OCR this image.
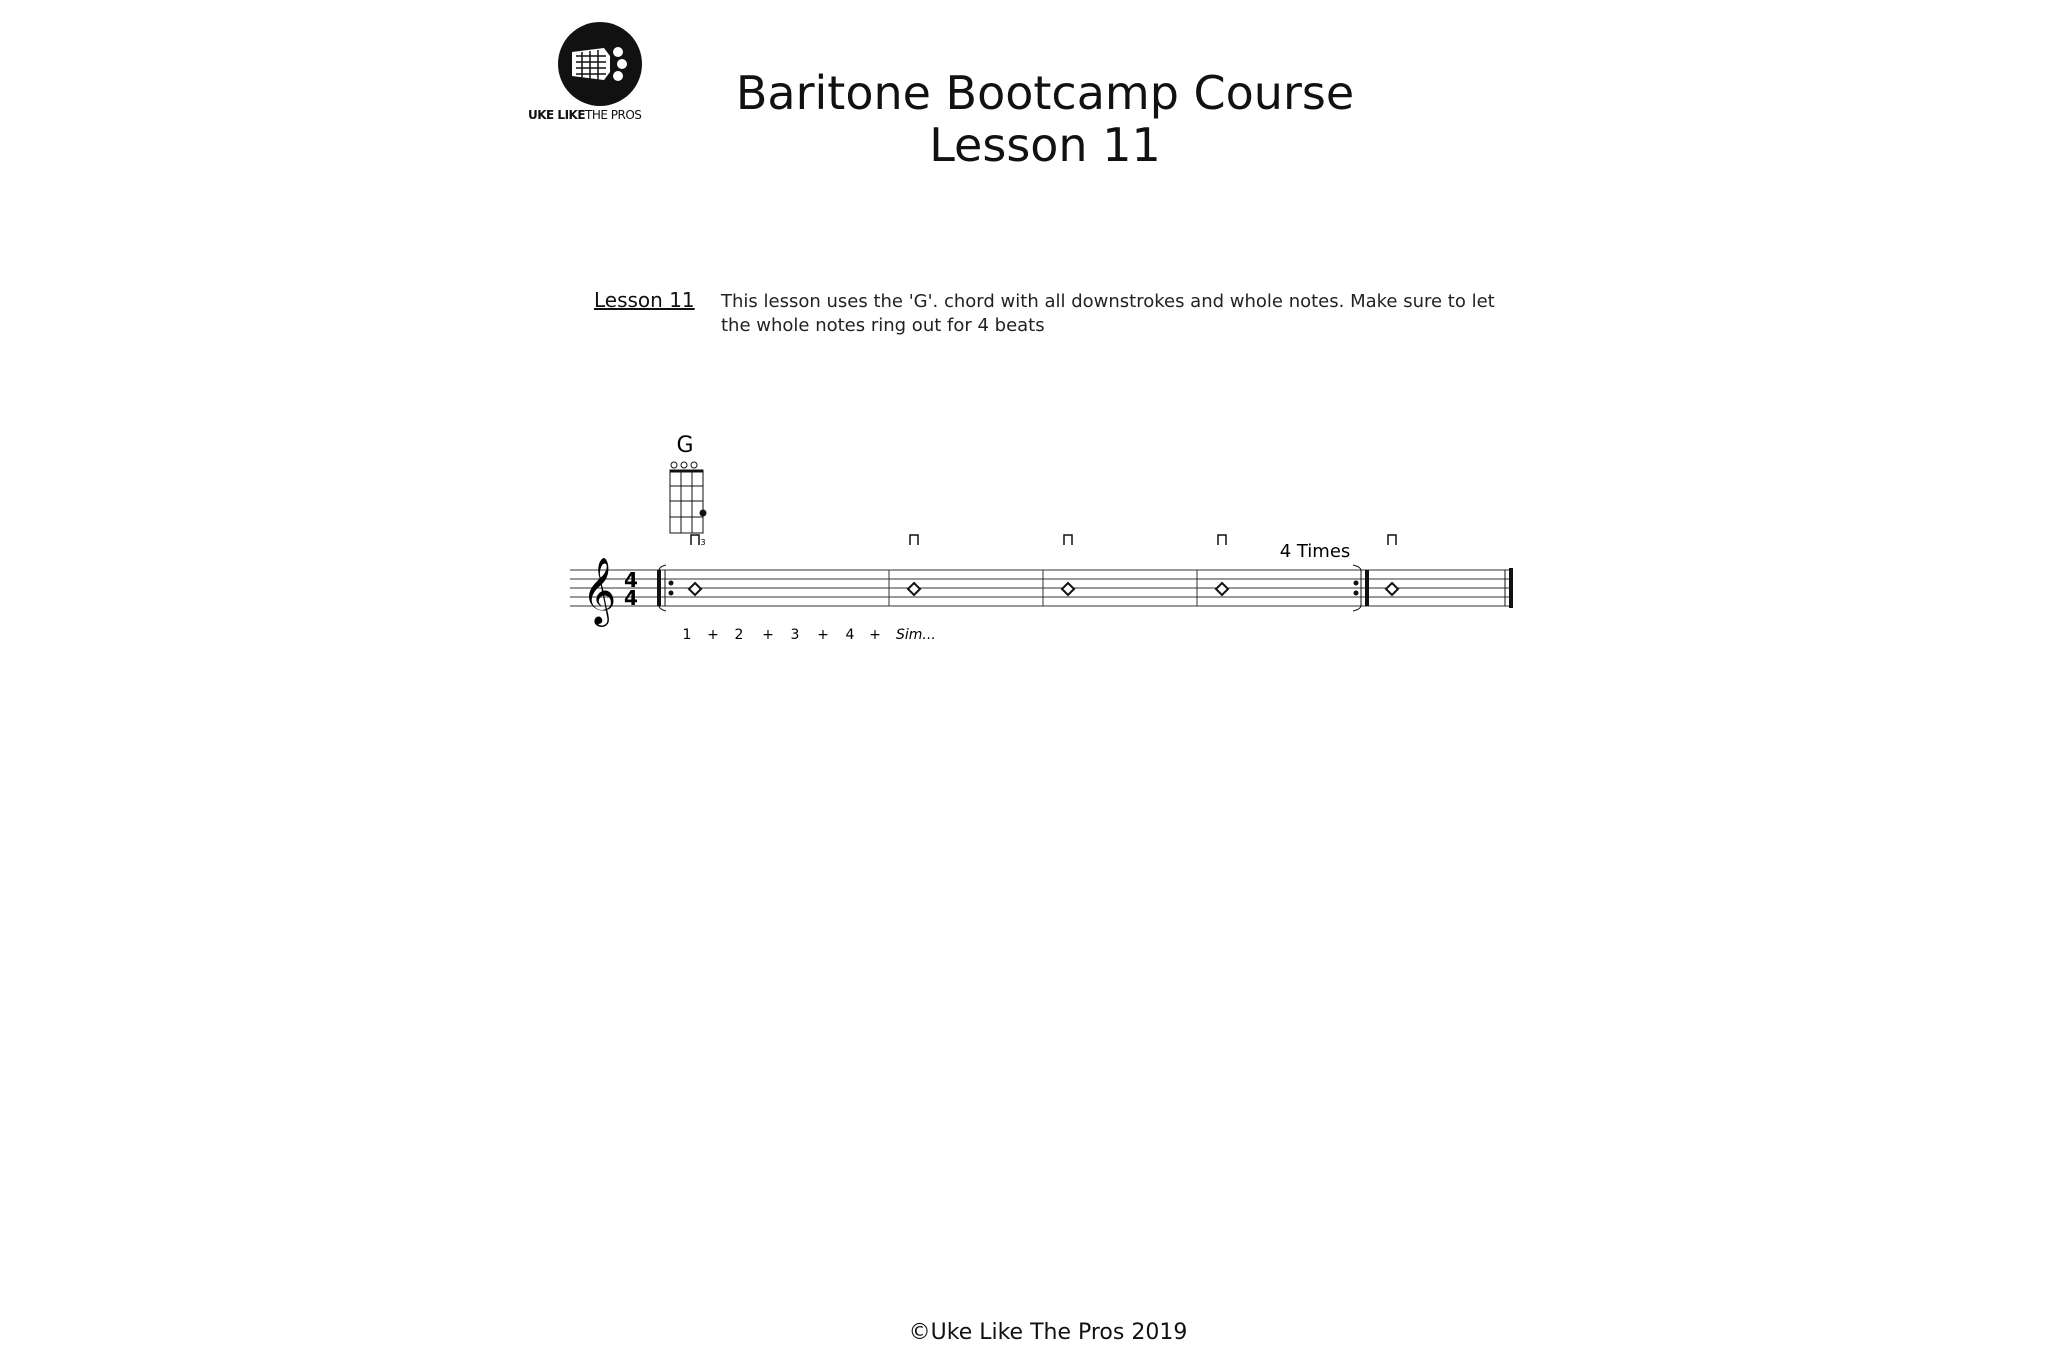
UKE LIKETHE PROS	Baritone Bootcamp Course
Lesson 11
Lesson 11 This lesson uses the 'G'. chord with all downstrokes and whole notes. Make sure to let the whole notes ring out for 4 beats
G
3
𝄞 4
4
4 Times
1 + 2 + 3 + 4 + Sim...
©Uke Like The Pros 2019
